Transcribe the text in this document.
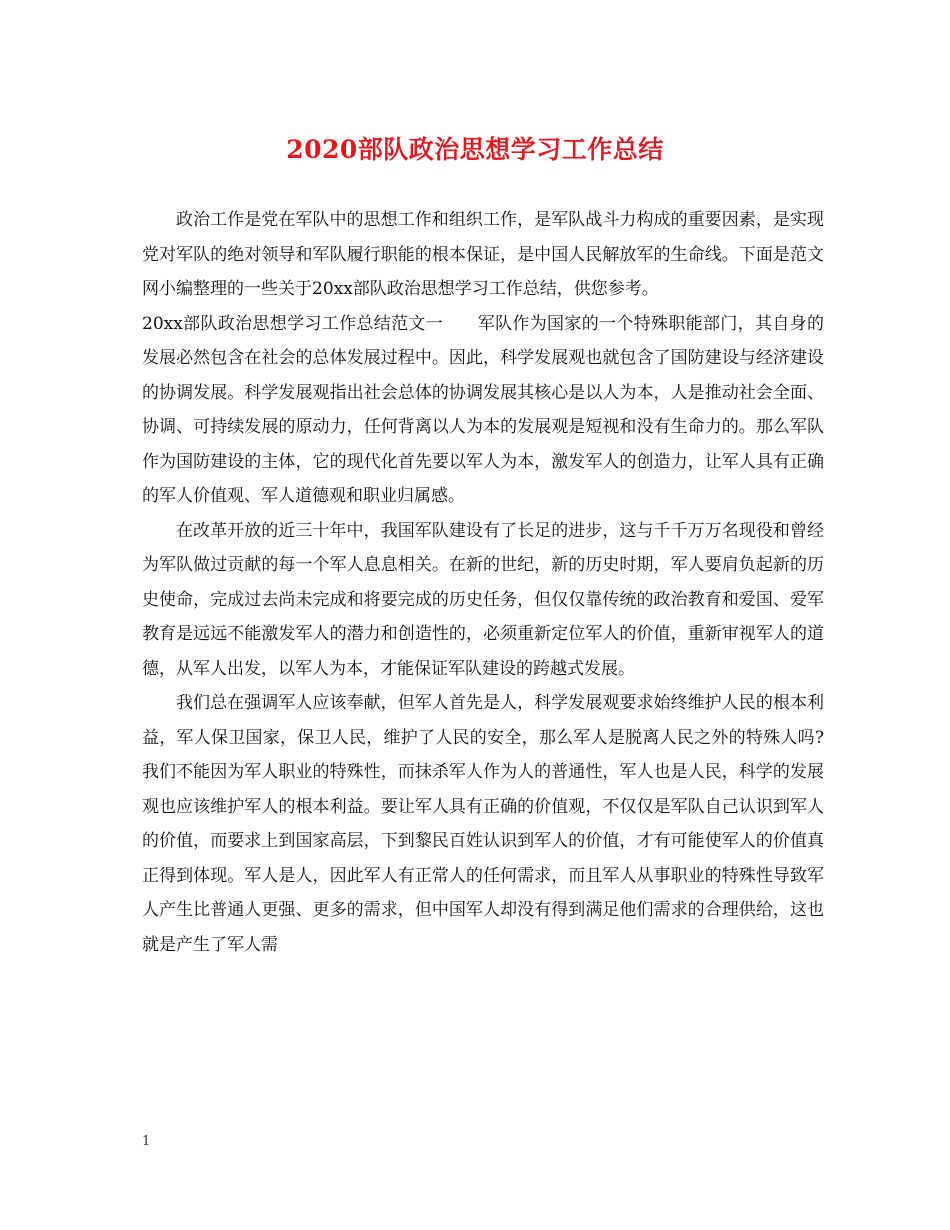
2020部队政治思想学习工作总结

政治工作是党在军队中的思想工作和组织工作，是军队战斗力构成的重要因素，是实现党对军队的绝对领导和军队履行职能的根本保证，是中国人民解放军的生命线。下面是范文网小编整理的一些关于20xx部队政治思想学习工作总结，供您参考。

20xx部队政治思想学习工作总结范文一　　军队作为国家的一个特殊职能部门，其自身的发展必然包含在社会的总体发展过程中。因此，科学发展观也就包含了国防建设与经济建设的协调发展。科学发展观指出社会总体的协调发展其核心是以人为本，人是推动社会全面、协调、可持续发展的原动力，任何背离以人为本的发展观是短视和没有生命力的。那么军队作为国防建设的主体，它的现代化首先要以军人为本，激发军人的创造力，让军人具有正确的军人价值观、军人道德观和职业归属感。

在改革开放的近三十年中，我国军队建设有了长足的进步，这与千千万万名现役和曾经为军队做过贡献的每一个军人息息相关。在新的世纪，新的历史时期，军人要肩负起新的历史使命，完成过去尚未完成和将要完成的历史任务，但仅仅靠传统的政治教育和爱国、爱军教育是远远不能激发军人的潜力和创造性的，必须重新定位军人的价值，重新审视军人的道德，从军人出发，以军人为本，才能保证军队建设的跨越式发展。

我们总在强调军人应该奉献，但军人首先是人，科学发展观要求始终维护人民的根本利益，军人保卫国家，保卫人民，维护了人民的安全，那么军人是脱离人民之外的特殊人吗?我们不能因为军人职业的特殊性，而抹杀军人作为人的普通性，军人也是人民，科学的发展观也应该维护军人的根本利益。要让军人具有正确的价值观，不仅仅是军队自己认识到军人的价值，而要求上到国家高层，下到黎民百姓认识到军人的价值，才有可能使军人的价值真正得到体现。军人是人，因此军人有正常人的任何需求，而且军人从事职业的特殊性导致军人产生比普通人更强、更多的需求，但中国军人却没有得到满足他们需求的合理供给，这也就是产生了军人需

1
